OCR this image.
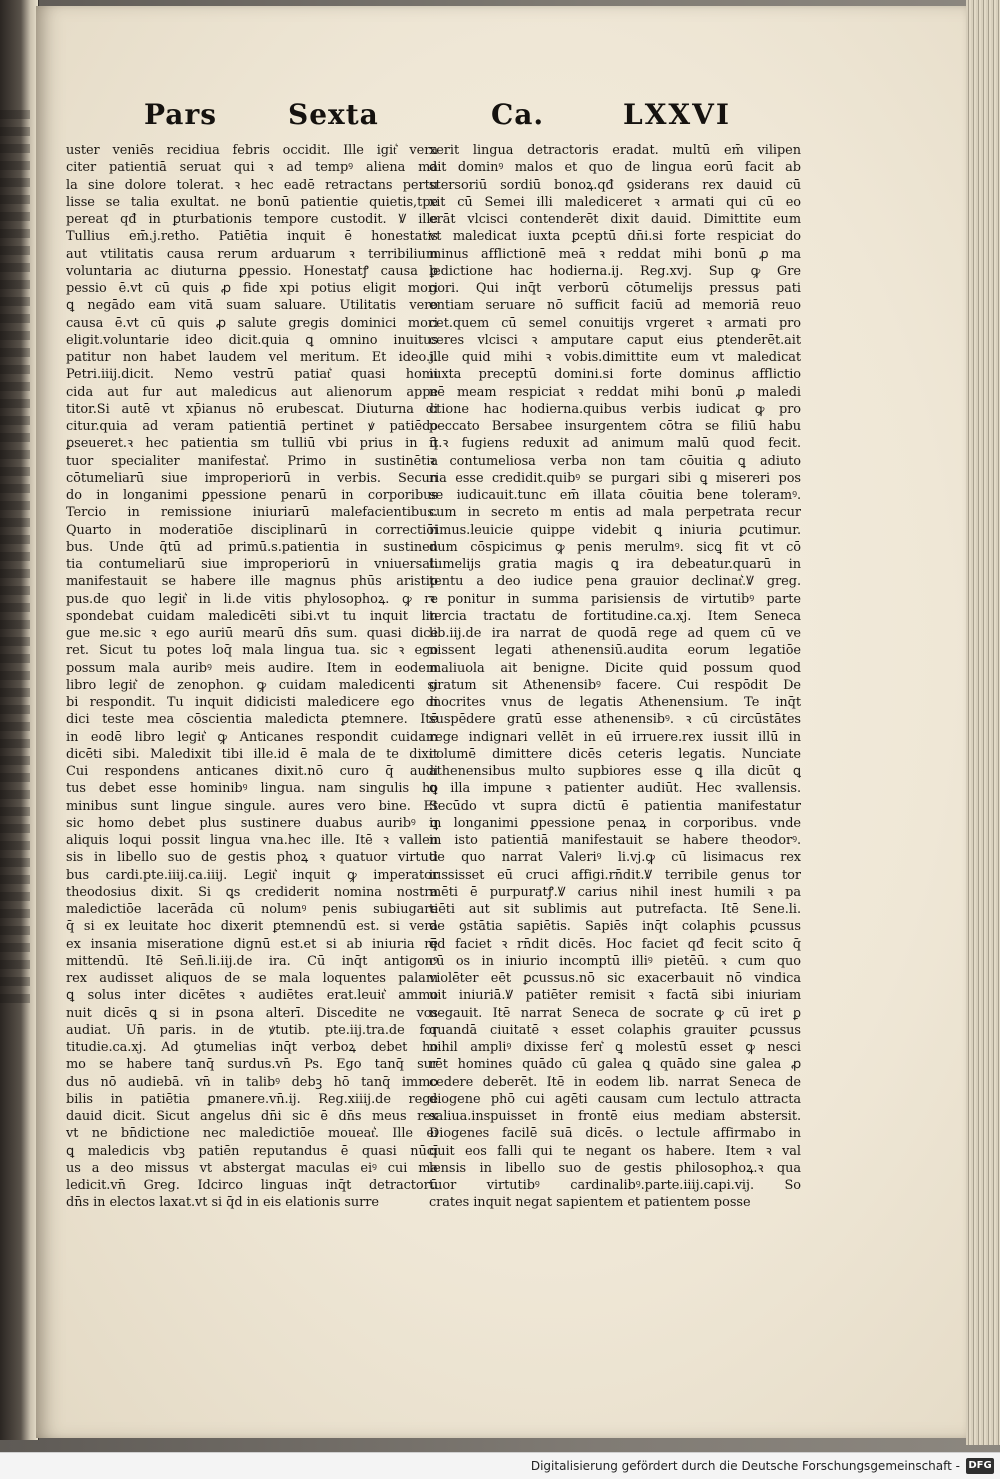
Pars	Sexta	Ca.	LXXVI
uster veniēs recidiua febris occidit. Ille igit͛ vera
citer patientiā seruat qui ꝛ ad tempꝰ aliena ma
la sine dolore tolerat. ꝛ hec eadē retractans pertu
lisse se talia exultat. ne bonū patientie quietis,tpe
pereat qđ in ꝑturbationis tempore custodit. Ꝟ ille
Tullius em̄.j.retho. Patiētia inquit ē honestatis
aut vtilitatis causa rerum arduarum ꝛ terribilium
voluntaria ac diuturna ꝑpessio. Honestatꝭ causa ꝑ
pessio ē.vt cū quis ꝓ fide xpi potius eligit mori
ꝗ negādo eam vitā suam saluare. Utilitatis vero
causa ē.vt cū quis ꝓ salute gregis dominici mori
eligit.voluntarie ideo dicit.quia ꝗ omnino inuitus
patitur non habet laudem vel meritum. Et ideo.j.
Petri.iiij.dicit. Nemo vestrū patiat͛ quasi homi
cida aut fur aut maledicus aut alienorum appe
titor.Si autē vt xp̄ianus nō erubescat. Diuturna di
citur.quia ad veram patientiā pertinet ꝟ patiēdo
ꝑseueret.ꝛ hec patientia sm tulliū vbi prius in q̄
tuor specialiter manifestat͛. Primo in sustinētia
cōtumeliarū siue improperiorū in verbis. Secun
do in longanimi ꝑpessione penarū in corporibus
Tercio in remissione iniuriarū malefacientibus.
Quarto in moderatiōe disciplinarū in correctiōi
bus. Unde q̄tū ad primū.s.patientia in sustinen
tia contumeliarū siue improperiorū in vniuersali
manifestauit se habere ille magnus phūs aristip
pus.de quo legit͛ in li.de vitis phylosophoꝝ. ꝙ re
spondebat cuidam maledicēti sibi.vt tu inquit lin
gue me.sic ꝛ ego auriū mearū dn̄s sum. quasi dice
ret. Sicut tu potes loq̄ mala lingua tua. sic ꝛ ego
possum mala auribꝰ meis audire. Item in eodem
libro legit͛ de zenophon. ꝙ cuidam maledicenti si
bi respondit. Tu inquit didicisti maledicere ego di
dici teste mea cōscientia maledicta ꝑtemnere. Itē
in eodē libro legit͛ ꝙ Anticanes respondit cuidam
dicēti sibi. Maledixit tibi ille.id ē mala de te dixit
Cui respondens anticanes dixit.nō curo q̄ audi
tus debet esse hominibꝰ lingua. nam singulis ho
minibus sunt lingue singule. aures vero bine. Et
sic homo debet plus sustinere duabus auribꝰ ꝗ
aliquis loqui possit lingua vna.hec ille. Itē ꝛ vallen
sis in libello suo de gestis phoꝝ ꝛ quatuor virtuti
bus cardi.pte.iiij.ca.iiij. Legit͛ inquit ꝙ imperator
theodosius dixit. Si ꝗs crediderit nomina nostra
maledictiōe lacerāda cū nolumꝰ penis subiugare
q̄ si ex leuitate hoc dixerit ꝑtemnendū est. si vera
ex insania miseratione dignū est.et si ab iniuria rē
mittendū. Itē Sen̄.li.iij.de ira. Cū inq̄t antigonꝰ
rex audisset aliquos de se mala loquentes palam
ꝗ solus inter dicētes ꝛ audiētes erat.leuit͛ ammo
nuit dicēs ꝗ si in ꝑsona alterī. Discedite ne vos
audiat. Un̄ paris. in de ꝟtutib. pte.iij.tra.de for
titudie.ca.xj. Ad ꝯtumelias inq̄t verboꝝ debet ho
mo se habere tanq̄ surdus.vn̄ Ps. Ego tanq̄ sur
dus nō audiebā. vn̄ in talibꝰ debꝫ hō tanq̄ immo
bilis in patiētia ꝑmanere.vn̄.ij. Reg.xiiij.de rege
dauid dicit. Sicut angelus dn̄i sic ē dn̄s meus rex
vt ne bn̄dictione nec maledictiōe moueat͛. Ille ei
ꝗ maledicis vbꝫ patiēn reputandus ē quasi nūcī
us a deo missus vt abstergat maculas eiꝰ cui ma
ledicit.vn̄ Greg. Idcirco linguas inq̄t detractorū
dn̄s in electos laxat.vt si q̄d in eis elationis surre
xerit lingua detractoris eradat. multū em̄ vilipen
dit dominꝰ malos et quo de lingua eorū facit ab
stersoriū sordiū bonoꝝ.qđ ꝯsiderans rex dauid cū
xit cū Semei illi malediceret ꝛ armati qui cū eo
erāt vlcisci contenderēt dixit dauid. Dimittite eum
vt maledicat iuxta ꝑceptū dn̄i.si forte respiciat do
minus afflictionē meā ꝛ reddat mihi bonū ꝓ ma
ledictione hac hodierna.ij. Reg.xvj. Sup ꝙ Gre
gori. Qui inq̄t verborū cōtumelijs pressus pati
entiam seruare nō sufficit faciū ad memoriā reuo
cet.quem cū semel conuitijs vrgeret ꝛ armati pro
ceres vlcisci ꝛ amputare caput eius ꝑtenderēt.ait
ille quid mihi ꝛ vobis.dimittite eum vt maledicat
iuxta preceptū domini.si forte dominus afflictio
nē meam respiciat ꝛ reddat mihi bonū ꝓ maledi
ctione hac hodierna.quibus verbis iudicat ꝙ pro
peccato Bersabee insurgentem cōtra se filiū habu
it.ꝛ fugiens reduxit ad animum malū quod fecit.
ꝛ contumeliosa verba non tam cōuitia ꝗ adiuto
ria esse credidit.quibꝰ se purgari sibi ꝗ misereri pos
se iudicauit.tunc em̄ illata cōuitia bene toleramꝰ.
cum in secreto m entis ad mala perpetrata recur
rimus.leuicie quippe videbit ꝗ iniuria ꝑcutimur.
dum cōspicimus ꝙ penis merulmꝰ. sicꝗ fit vt cō
tumelijs gratia magis ꝗ ira debeatur.quarū in
tentu a deo iudice pena grauior declinat͛.Ꝟ greg.
ꝛ ponitur in summa parisiensis de virtutibꝰ parte
tercia tractatu de fortitudine.ca.xj. Item Seneca
lib.iij.de ira narrat de quodā rege ad quem cū ve
nissent legati athenensiū.audita eorum legatiōe
maliuola ait benigne. Dicite quid possum quod
gratum sit Athenensibꝰ facere. Cui respōdit De
mocrites vnus de legatis Athenensium. Te inq̄t
suspēdere gratū esse athenensibꝰ. ꝛ cū circūstātes
rege indignari vellēt in eū irruere.rex iussit illū in
columē dimittere dicēs ceteris legatis. Nunciate
athenensibus multo supbiores esse ꝗ illa dicūt ꝗ
ꝗ illa impune ꝛ patienter audiūt. Hec ꝛvallensis.
Secūdo vt supra dictū ē patientia manifestatur
in longanimi ꝑpessione penaꝝ in corporibus. vnde
in isto patientiā manifestauit se habere theodorꝰ.
de quo narrat Valeriꝰ li.vj.ꝙ cū lisimacus rex
iussisset eū cruci affigi.rn̄dit.Ꝟ terribile genus tor
mēti ē purpuratꝭ.Ꝟ carius nihil inest humili ꝛ pa
tiēti aut sit sublimis aut putrefacta. Itē Sene.li.
de ꝯstātia sapiētis. Sapiēs inq̄t colaphis ꝑcussus
q̄d faciet ꝛ rn̄dit dicēs. Hoc faciet qđ fecit scito q̄
cū os in iniurio incomptū illiꝰ pietēū. ꝛ cum quo
violēter eēt ꝑcussus.nō sic exacerbauit nō vindica
uit iniuriā.Ꝟ patiēter remisit ꝛ factā sibi iniuriam
negauit. Itē narrat Seneca de socrate ꝙ cū iret ꝑ
quandā ciuitatē ꝛ esset colaphis grauiter ꝑcussus
nihil ampliꝰ dixisse fert͛ ꝗ molestū esset ꝙ nesci
rēt homines quādo cū galea ꝗ quādo sine galea ꝓ
cedere deberēt. Itē in eodem lib. narrat Seneca de
diogene phō cui agēti causam cum lectulo attracta
saliua.inspuisset in frontē eius mediam abstersit.
Diogenes facilē suā dicēs. o lectule affirmabo in
quit eos falli qui te negant os habere. Item ꝛ val
lensis in libello suo de gestis philosophoꝝ.ꝛ qua
tuor virtutibꝰ cardinalibꝰ.parte.iiij.capi.vij. So
crates inquit negat sapientem et patientem posse
Digitalisierung gefördert durch die Deutsche Forschungsgemeinschaft - DFG
